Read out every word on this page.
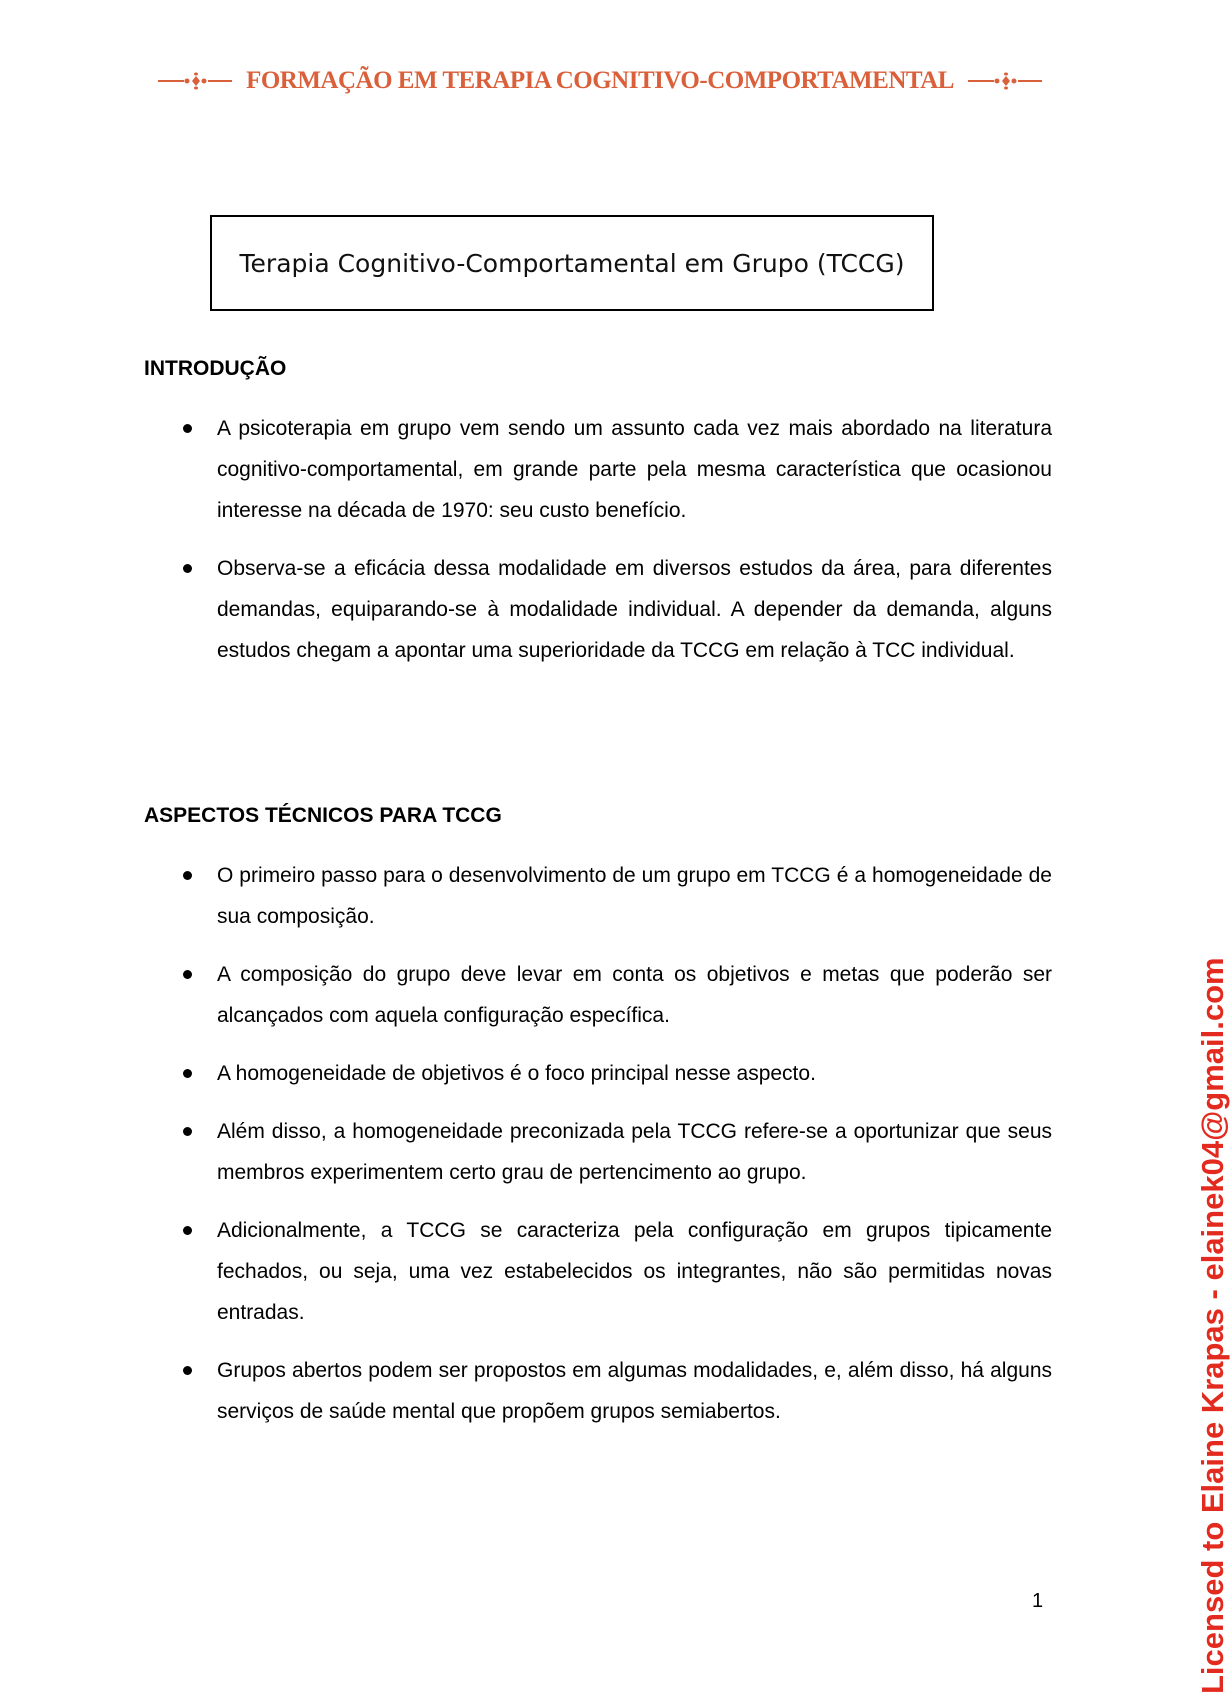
FORMAÇÃO EM TERAPIA COGNITIVO-COMPORTAMENTAL
Terapia Cognitivo-Comportamental em Grupo (TCCG)
INTRODUÇÃO
A psicoterapia em grupo vem sendo um assunto cada vez mais abordado na literatura cognitivo-comportamental, em grande parte pela mesma característica que ocasionou interesse na década de 1970: seu custo benefício.
Observa-se a eficácia dessa modalidade em diversos estudos da área, para diferentes demandas, equiparando-se à modalidade individual. A depender da demanda, alguns estudos chegam a apontar uma superioridade da TCCG em relação à TCC individual.
ASPECTOS TÉCNICOS PARA TCCG
O primeiro passo para o desenvolvimento de um grupo em TCCG é a homogeneidade de sua composição.
A composição do grupo deve levar em conta os objetivos e metas que poderão ser alcançados com aquela configuração específica.
A homogeneidade de objetivos é o foco principal nesse aspecto.
Além disso, a homogeneidade preconizada pela TCCG refere-se a oportunizar que seus membros experimentem certo grau de pertencimento ao grupo.
Adicionalmente, a TCCG se caracteriza pela configuração em grupos tipicamente fechados, ou seja, uma vez estabelecidos os integrantes, não são permitidas novas entradas.
Grupos abertos podem ser propostos em algumas modalidades, e, além disso, há alguns serviços de saúde mental que propõem grupos semiabertos.
1	Licensed to Elaine Krapas - elainek04@gmail.com
